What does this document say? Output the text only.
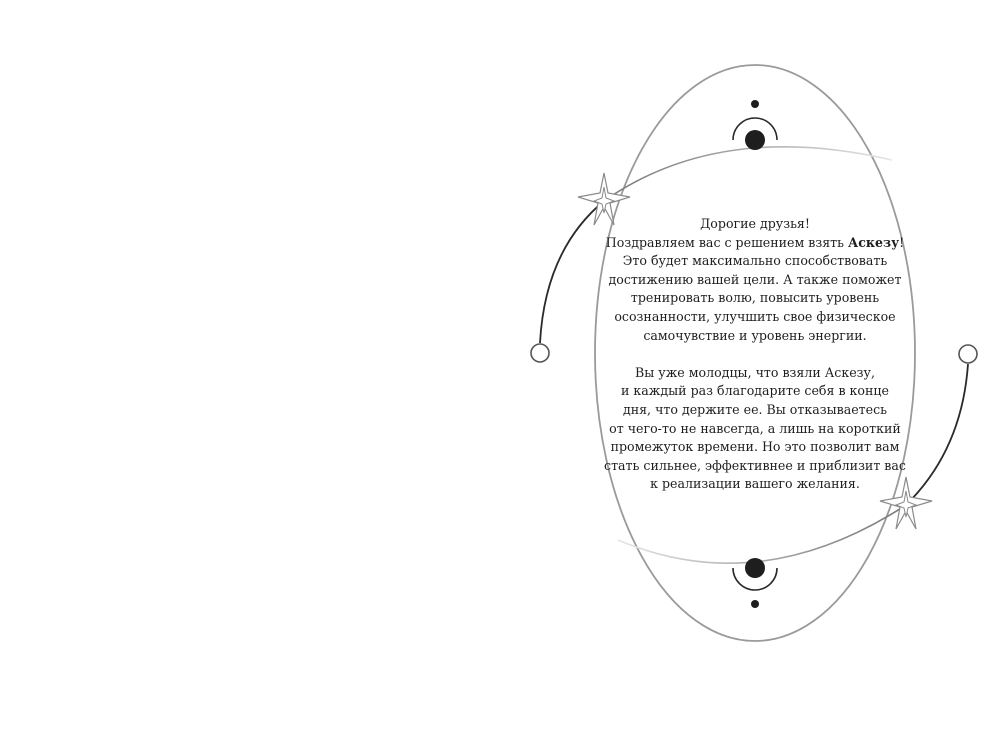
Дорогие друзья!

Поздравляем вас с решением взять Аскезу!

Это будет максимально способствовать

достижению вашей цели. А также поможет

тренировать волю, повысить уровень

осознанности, улучшить свое физическое

самочувствие и уровень энергии.

Вы уже молодцы, что взяли Аскезу,

и каждый раз благодарите себя в конце

дня, что держите ее. Вы отказываетесь

от чего-то не навсегда, а лишь на короткий

промежуток времени. Но это позволит вам

стать сильнее, эффективнее и приблизит вас

к реализации вашего желания.
